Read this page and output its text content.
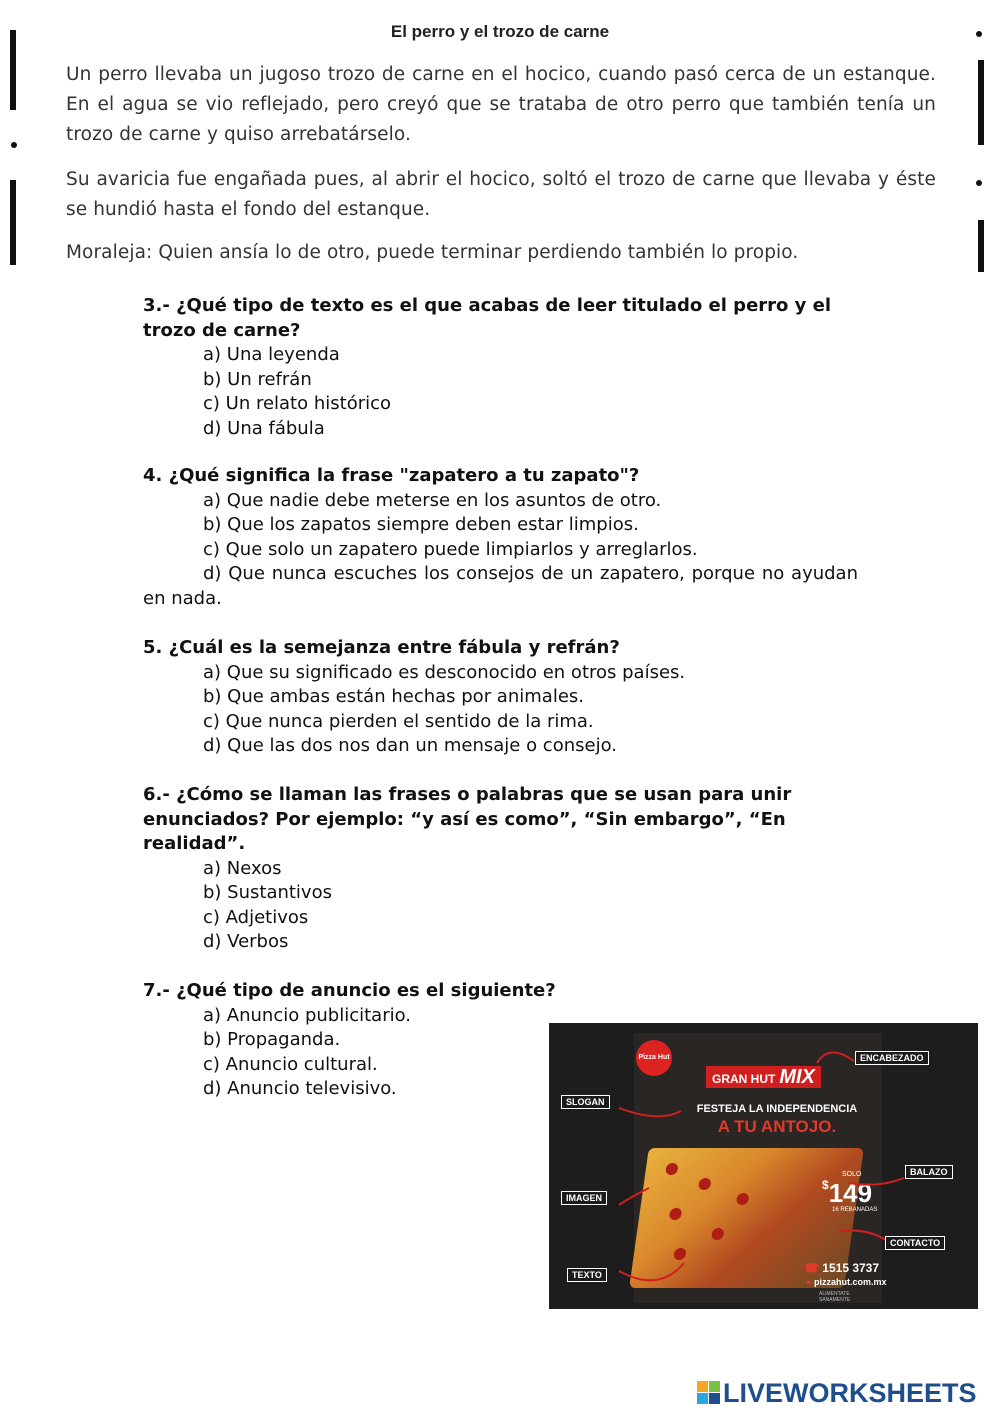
El perro y el trozo de carne
Un perro llevaba un jugoso trozo de carne en el hocico, cuando pasó cerca de un estanque. En el agua se vio reflejado, pero creyó que se trataba de otro perro que también tenía un trozo de carne y quiso arrebatárselo.
Su avaricia fue engañada pues, al abrir el hocico, soltó el trozo de carne que llevaba y éste se hundió hasta el fondo del estanque.
Moraleja: Quien ansía lo de otro, puede terminar perdiendo también lo propio.
3.- ¿Qué tipo de texto es el que acabas de leer titulado el perro y el trozo de carne?
a) Una leyenda
b) Un refrán
c) Un relato histórico
d) Una fábula
4. ¿Qué significa la frase "zapatero a tu zapato"?
a) Que nadie debe meterse en los asuntos de otro.
b) Que los zapatos siempre deben estar limpios.
c) Que solo un zapatero puede limpiarlos y arreglarlos.
d) Que nunca escuches los consejos de un zapatero, porque no ayudan en nada.
5. ¿Cuál es la semejanza entre fábula y refrán?
a) Que su significado es desconocido en otros países.
b) Que ambas están hechas por animales.
c) Que nunca pierden el sentido de la rima.
d) Que las dos nos dan un mensaje o consejo.
6.- ¿Cómo se llaman las frases o palabras que se usan para unir enunciados? Por ejemplo: “y así es como”, “Sin embargo”, “En realidad”.
a) Nexos
b) Sustantivos
c) Adjetivos
d) Verbos
7.- ¿Qué tipo de anuncio es el siguiente?
a) Anuncio publicitario.
b) Propaganda.
c) Anuncio cultural.
d) Anuncio televisivo.
Pizza Hut
GRAN HUT MIX
FESTEJA LA INDEPENDENCIA
A TU ANTOJO.
SOLO
$149
16 REBANADAS
☎ 1515 3737
● pizzahut.com.mx
ALIMENTATE SANAMENTE
ENCABEZADO
SLOGAN
BALAZO
IMAGEN
CONTACTO
TEXTO
LIVEWORKSHEETS
